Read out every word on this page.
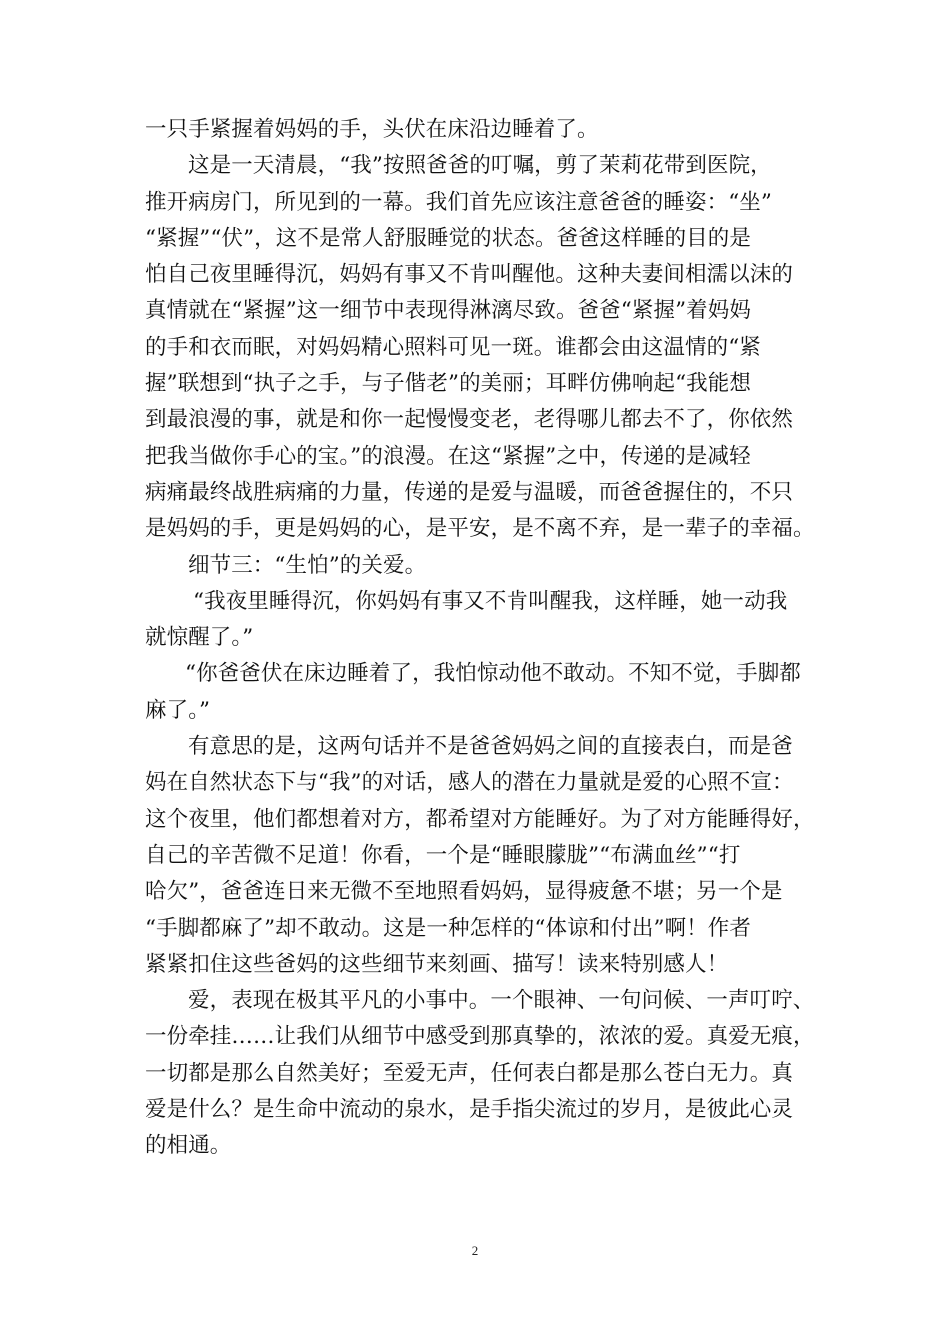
一只手紧握着妈妈的手，头伏在床沿边睡着了。
这是一天清晨，“我”按照爸爸的叮嘱，剪了茉莉花带到医院，
推开病房门，所见到的一幕。我们首先应该注意爸爸的睡姿：“坐”
“紧握”“伏”，这不是常人舒服睡觉的状态。爸爸这样睡的目的是
怕自己夜里睡得沉，妈妈有事又不肯叫醒他。这种夫妻间相濡以沫的
真情就在“紧握”这一细节中表现得淋漓尽致。爸爸“紧握”着妈妈
的手和衣而眠，对妈妈精心照料可见一斑。谁都会由这温情的“紧
握”联想到“执子之手，与子偕老”的美丽；耳畔仿佛响起“我能想
到最浪漫的事，就是和你一起慢慢变老，老得哪儿都去不了，你依然
把我当做你手心的宝。”的浪漫。在这“紧握”之中，传递的是减轻
病痛最终战胜病痛的力量，传递的是爱与温暖，而爸爸握住的，不只
是妈妈的手，更是妈妈的心，是平安，是不离不弃，是一辈子的幸福。
细节三：“生怕”的关爱。
“我夜里睡得沉，你妈妈有事又不肯叫醒我，这样睡，她一动我
就惊醒了。”
“你爸爸伏在床边睡着了，我怕惊动他不敢动。不知不觉，手脚都
麻了。”
有意思的是，这两句话并不是爸爸妈妈之间的直接表白，而是爸
妈在自然状态下与“我”的对话，感人的潜在力量就是爱的心照不宣：
这个夜里，他们都想着对方，都希望对方能睡好。为了对方能睡得好，
自己的辛苦微不足道！你看，一个是“睡眼朦胧”“布满血丝”“打
哈欠”，爸爸连日来无微不至地照看妈妈，显得疲惫不堪；另一个是
“手脚都麻了”却不敢动。这是一种怎样的“体谅和付出”啊！作者
紧紧扣住这些爸妈的这些细节来刻画、描写！读来特别感人！
爱，表现在极其平凡的小事中。一个眼神、一句问候、一声叮咛、
一份牵挂……让我们从细节中感受到那真挚的，浓浓的爱。真爱无痕，
一切都是那么自然美好；至爱无声，任何表白都是那么苍白无力。真
爱是什么？是生命中流动的泉水，是手指尖流过的岁月，是彼此心灵
的相通。
2
